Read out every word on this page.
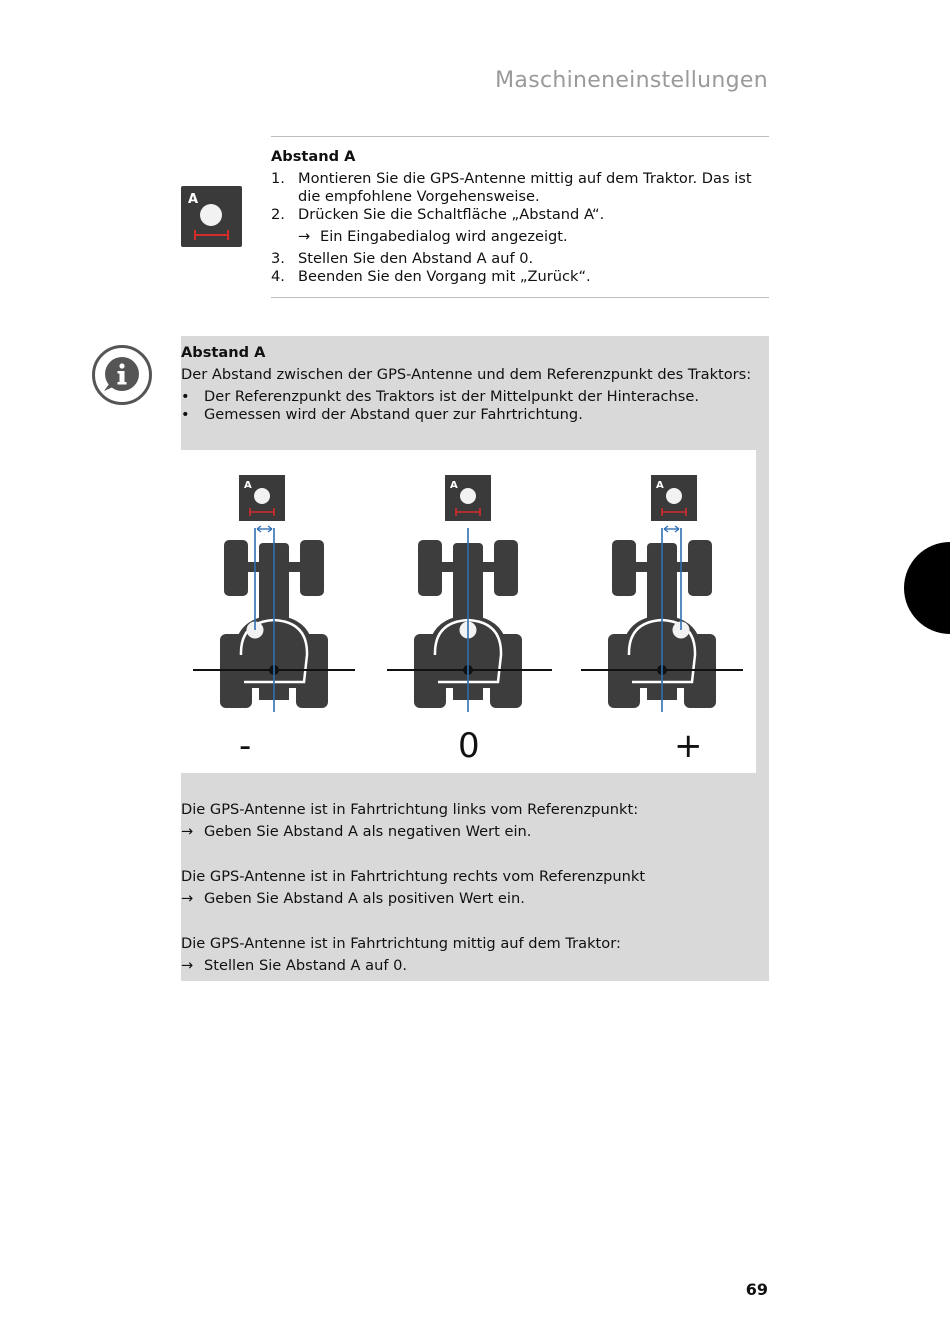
Maschineneinstellungen
A
Abstand A
1. Montieren Sie die GPS-Antenne mittig auf dem Traktor. Das ist
die empfohlene Vorgehensweise.
2. Drücken Sie die Schaltfläche „Abstand A“.
→ Ein Eingabedialog wird angezeigt.
3. Stellen Sie den Abstand A auf 0.
4. Beenden Sie den Vorgang mit „Zurück“.
Abstand A
Der Abstand zwischen der GPS-Antenne und dem Referenzpunkt des Traktors:
• Der Referenzpunkt des Traktors ist der Mittelpunkt der Hinterachse.
• Gemessen wird der Abstand quer zur Fahrtrichtung.
A	A	A
-	0	+
Die GPS-Antenne ist in Fahrtrichtung links vom Referenzpunkt:
→ Geben Sie Abstand A als negativen Wert ein.
Die GPS-Antenne ist in Fahrtrichtung rechts vom Referenzpunkt
→ Geben Sie Abstand A als positiven Wert ein.
Die GPS-Antenne ist in Fahrtrichtung mittig auf dem Traktor:
→ Stellen Sie Abstand A auf 0.
69
